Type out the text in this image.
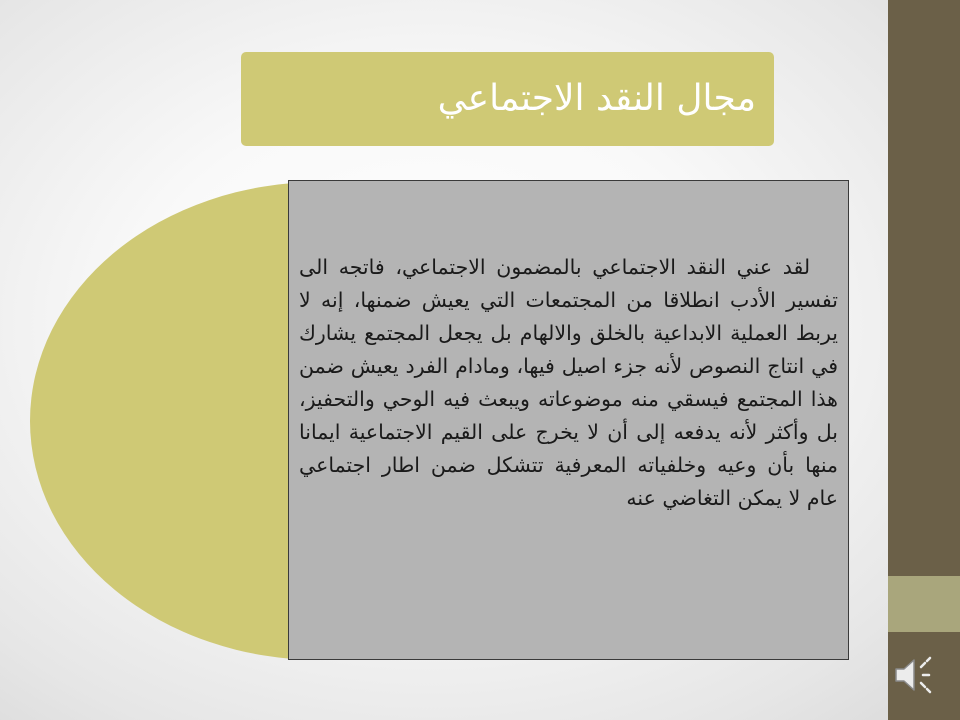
مجال النقد الاجتماعي

لقد عني النقد الاجتماعي بالمضمون الاجتماعي، فاتجه الى تفسير الأدب انطلاقا من المجتمعات التي يعيش ضمنها، إنه لا يربط العملية الابداعية بالخلق والالهام بل يجعل المجتمع يشارك في انتاج النصوص لأنه جزء اصيل فيها، ومادام الفرد يعيش ضمن هذا المجتمع فيسقي منه موضوعاته ويبعث فيه الوحي والتحفيز، بل وأكثر لأنه يدفعه إلى أن لا يخرج على القيم الاجتماعية ايمانا منها بأن وعيه وخلفياته المعرفية تتشكل ضمن اطار اجتماعي عام لا يمكن التغاضي عنه
